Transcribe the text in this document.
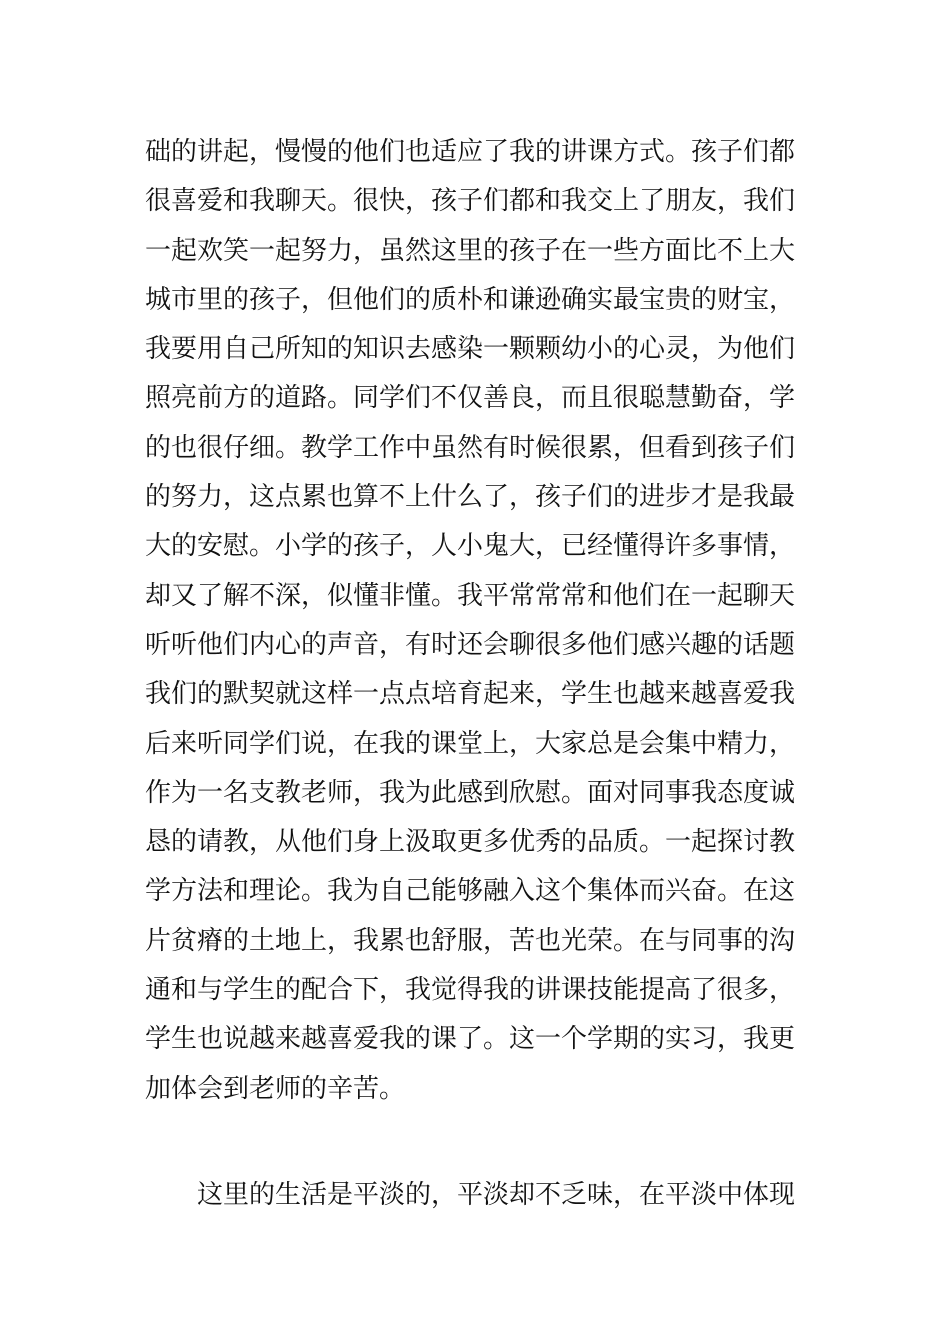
础的讲起，慢慢的他们也适应了我的讲课方式。孩子们都
很喜爱和我聊天。很快，孩子们都和我交上了朋友，我们
一起欢笑一起努力，虽然这里的孩子在一些方面比不上大
城市里的孩子，但他们的质朴和谦逊确实最宝贵的财宝，
我要用自己所知的知识去感染一颗颗幼小的心灵，为他们
照亮前方的道路。同学们不仅善良，而且很聪慧勤奋，学
的也很仔细。教学工作中虽然有时候很累，但看到孩子们
的努力，这点累也算不上什么了，孩子们的进步才是我最
大的安慰。小学的孩子，人小鬼大，已经懂得许多事情，
却又了解不深，似懂非懂。我平常常常和他们在一起聊天
听听他们内心的声音，有时还会聊很多他们感兴趣的话题
我们的默契就这样一点点培育起来，学生也越来越喜爱我
后来听同学们说，在我的课堂上，大家总是会集中精力，
作为一名支教老师，我为此感到欣慰。面对同事我态度诚
恳的请教，从他们身上汲取更多优秀的品质。一起探讨教
学方法和理论。我为自己能够融入这个集体而兴奋。在这
片贫瘠的土地上，我累也舒服，苦也光荣。在与同事的沟
通和与学生的配合下，我觉得我的讲课技能提高了很多，
学生也说越来越喜爱我的课了。这一个学期的实习，我更
加体会到老师的辛苦。
这里的生活是平淡的，平淡却不乏味，在平淡中体现
